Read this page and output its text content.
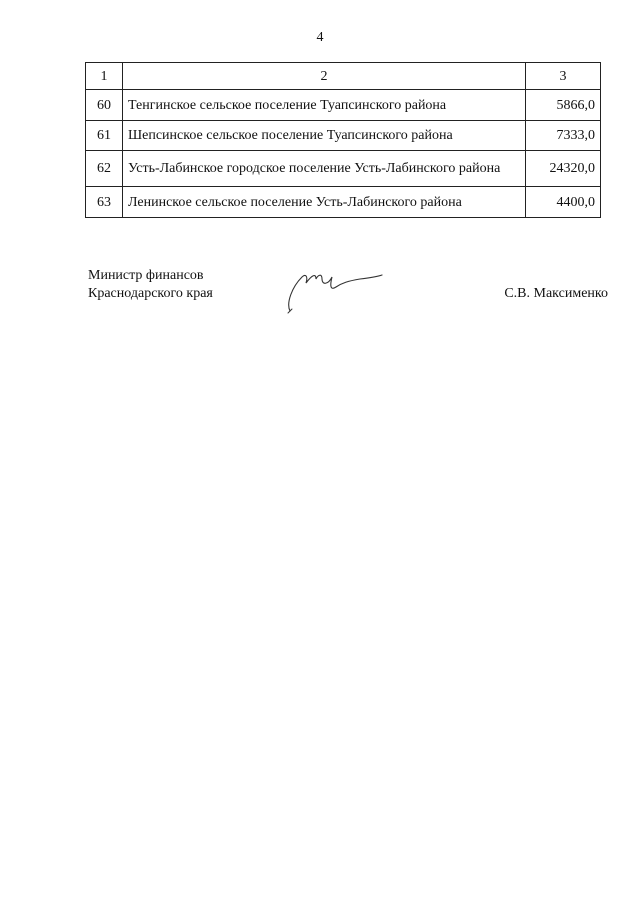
4
1	2	3
60	Тенгинское сельское поселение Туапсинского района	5866,0
61	Шепсинское сельское поселение Туапсинского района	7333,0
62	Усть-Лабинское городское поселение Усть-Лабинского района	24320,0
63	Ленинское сельское поселение Усть-Лабинского района	4400,0
Министр финансов
Краснодарского края	С.В. Максименко
